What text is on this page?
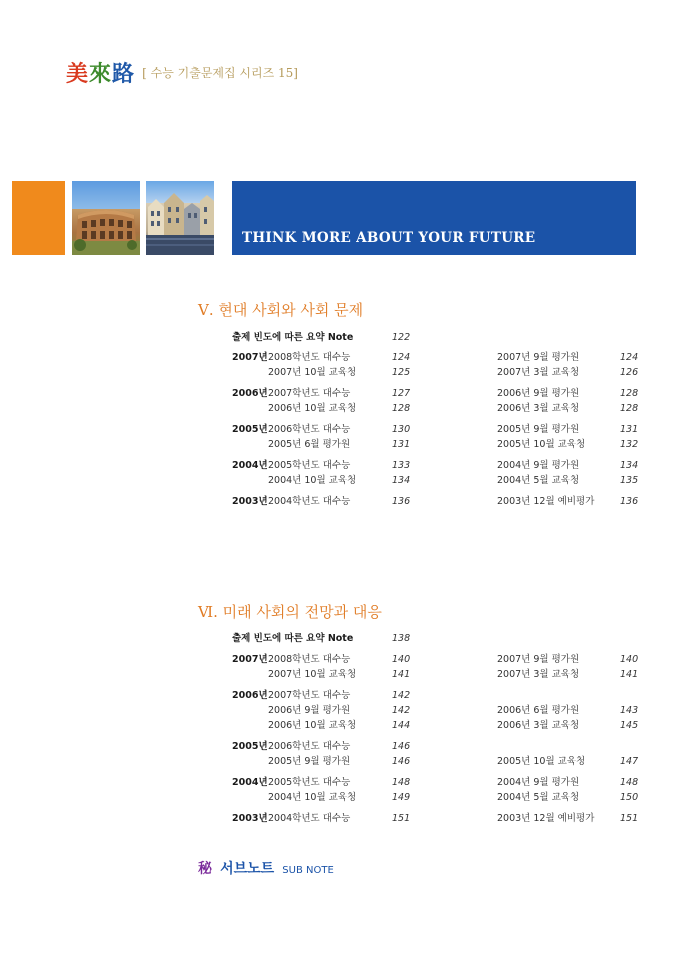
美來路 [ 수능 기출문제집 시리즈 15]
THINK MORE ABOUT YOUR FUTURE
Ⅴ. 현대 사회와 사회 문제
출제 빈도에 따른 요약 Note	122
2007년 2008학년도 대수능	124	2007년 9월 평가원	124
2007년 10월 교육청	125	2007년 3월 교육청	126
2006년 2007학년도 대수능	127	2006년 9월 평가원	128
2006년 10월 교육청	128	2006년 3월 교육청	128
2005년 2006학년도 대수능	130	2005년 9월 평가원	131
2005년 6월 평가원	131	2005년 10월 교육청	132
2004년 2005학년도 대수능	133	2004년 9월 평가원	134
2004년 10월 교육청	134	2004년 5월 교육청	135
2003년 2004학년도 대수능	136	2003년 12월 예비평가	136
Ⅵ. 미래 사회의 전망과 대응
출제 빈도에 따른 요약 Note	138
2007년 2008학년도 대수능	140	2007년 9월 평가원	140
2007년 10월 교육청	141	2007년 3월 교육청	141
2006년 2007학년도 대수능	142
2006년 9월 평가원	142	2006년 6월 평가원	143
2006년 10월 교육청	144	2006년 3월 교육청	145
2005년 2006학년도 대수능	146
2005년 9월 평가원	146	2005년 10월 교육청	147
2004년 2005학년도 대수능	148	2004년 9월 평가원	148
2004년 10월 교육청	149	2004년 5월 교육청	150
2003년 2004학년도 대수능	151	2003년 12월 예비평가	151
秘 서브노트 SUB NOTE
